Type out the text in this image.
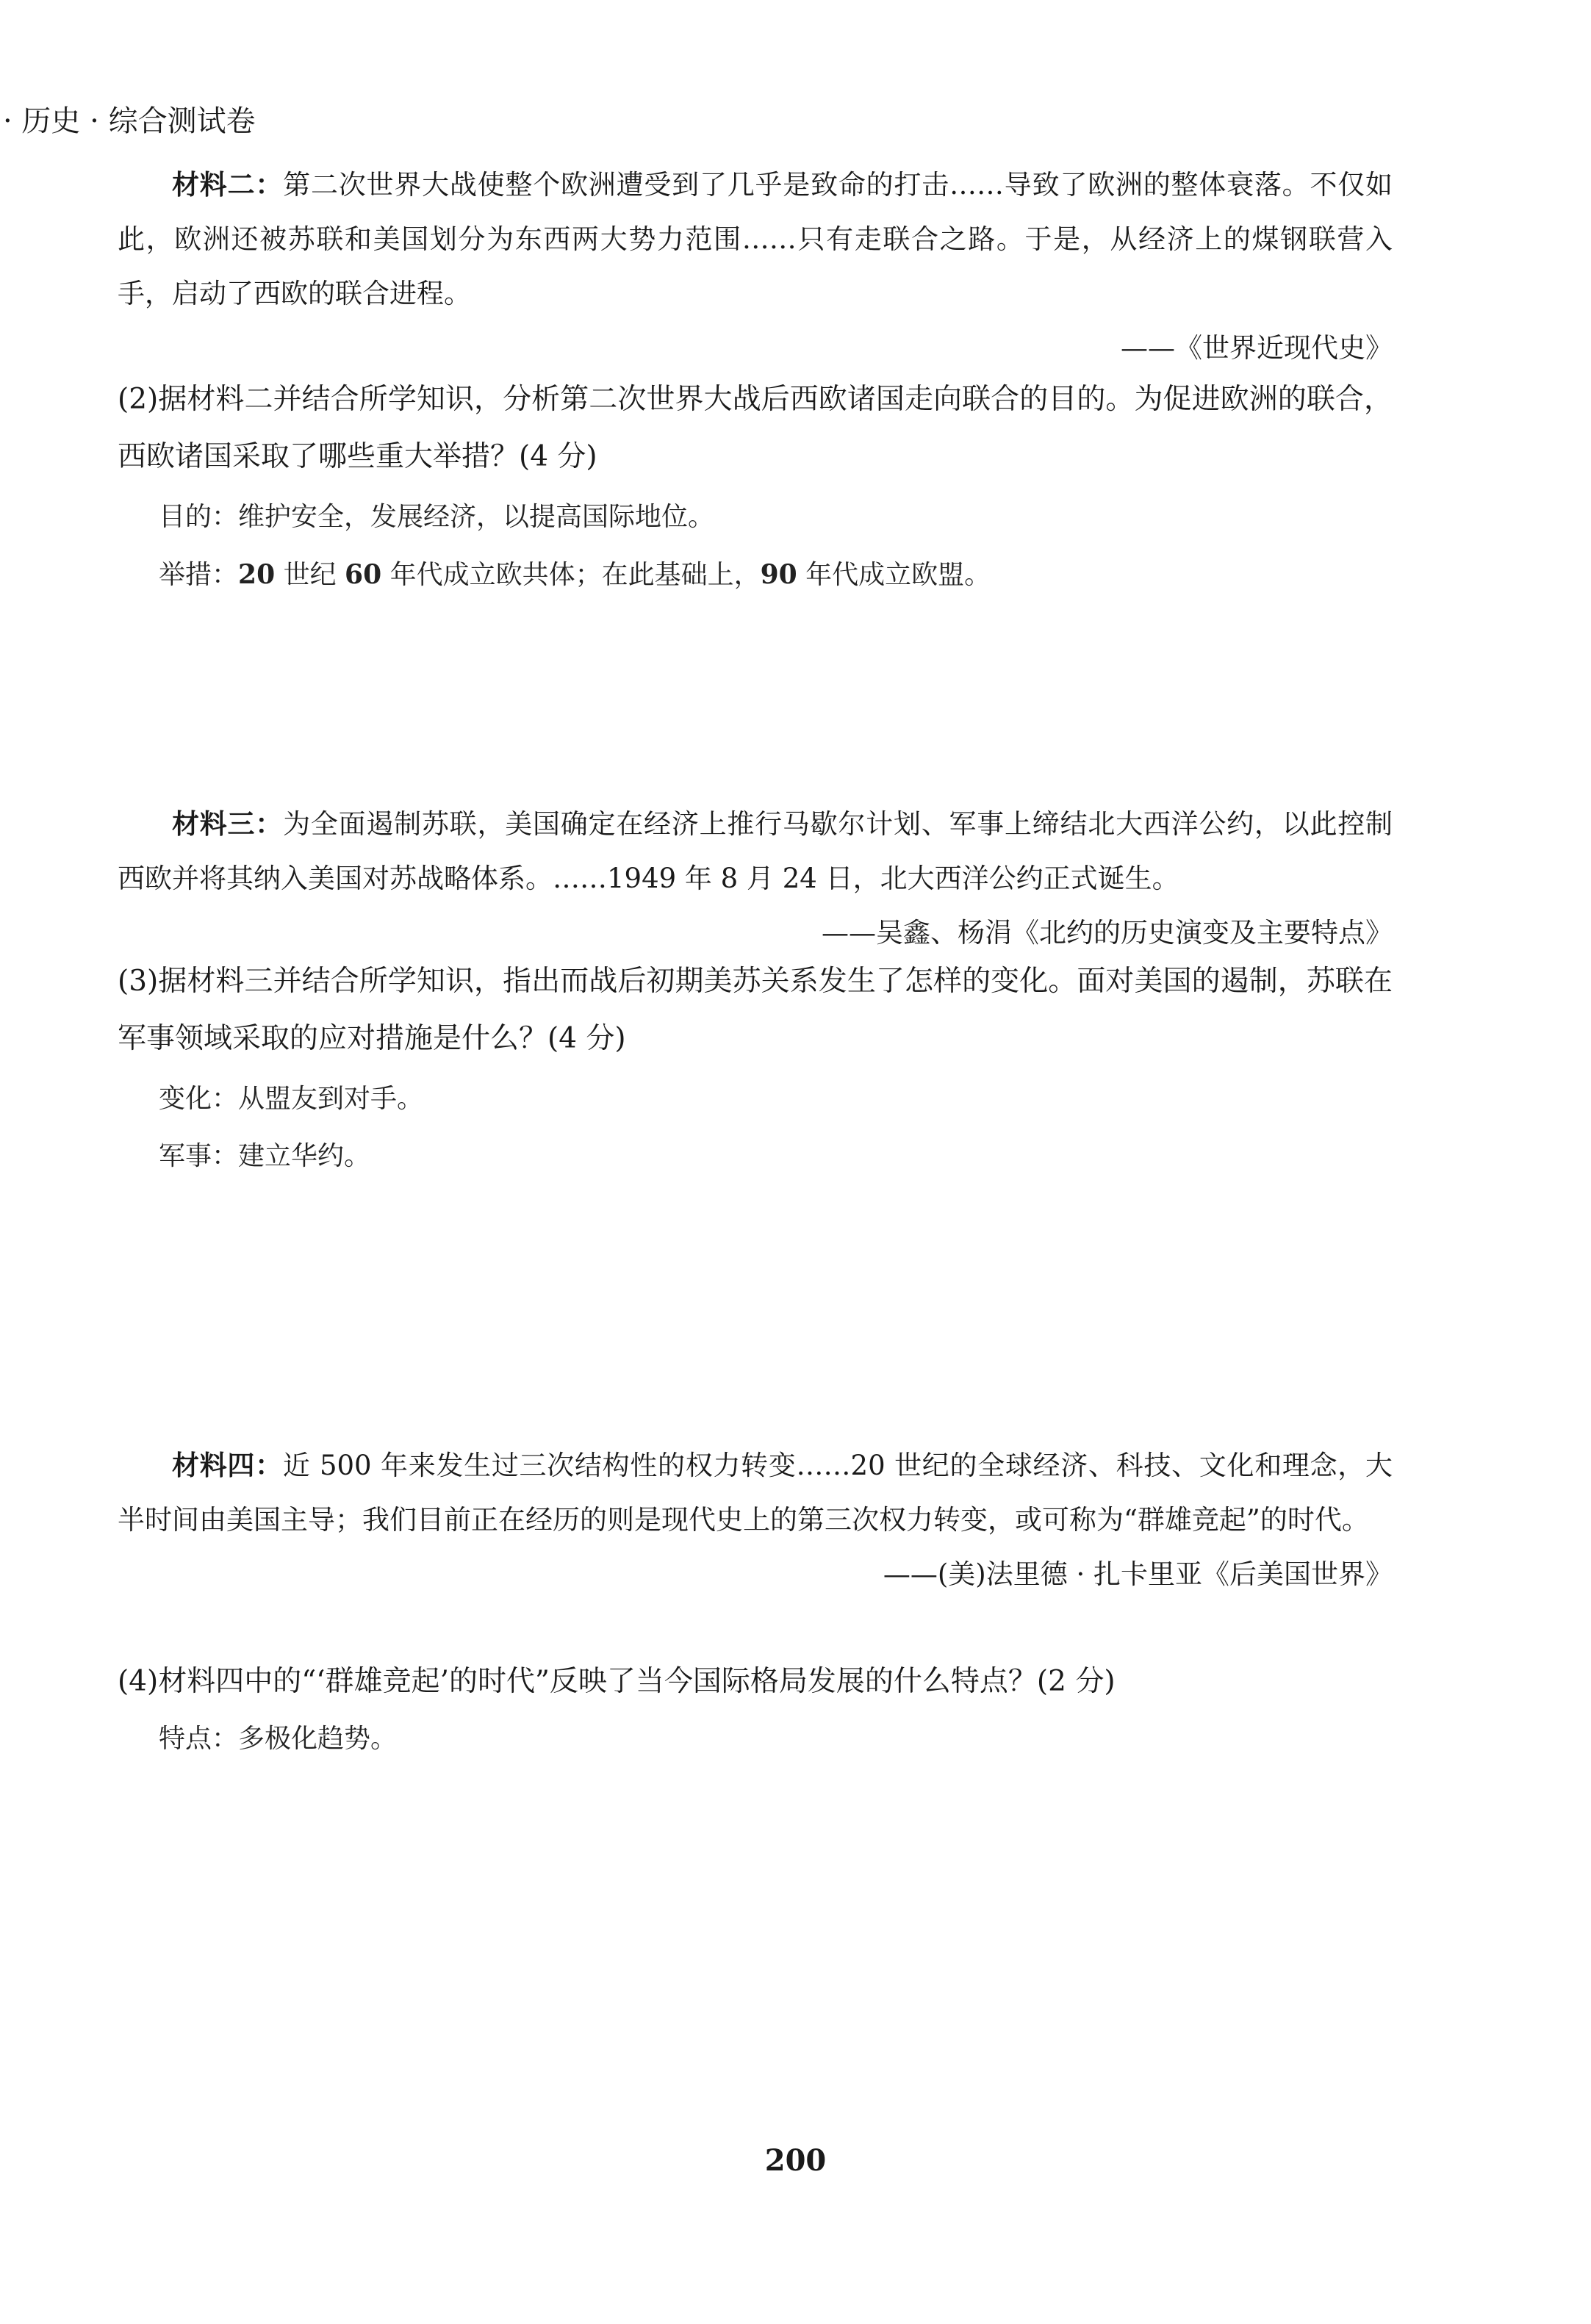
· 历史 · 综合测试卷

材料二：第二次世界大战使整个欧洲遭受到了几乎是致命的打击……导致了欧洲的整体衰落。不仅如此，欧洲还被苏联和美国划分为东西两大势力范围……只有走联合之路。于是，从经济上的煤钢联营入手，启动了西欧的联合进程。

——《世界近现代史》

(2)据材料二并结合所学知识，分析第二次世界大战后西欧诸国走向联合的目的。为促进欧洲的联合，西欧诸国采取了哪些重大举措？(4 分)

目的：维护安全，发展经济，以提高国际地位。

举措：20 世纪 60 年代成立欧共体；在此基础上，90 年代成立欧盟。

材料三：为全面遏制苏联，美国确定在经济上推行马歇尔计划、军事上缔结北大西洋公约，以此控制西欧并将其纳入美国对苏战略体系。……1949 年 8 月 24 日，北大西洋公约正式诞生。

——吴鑫、杨涓《北约的历史演变及主要特点》

(3)据材料三并结合所学知识，指出而战后初期美苏关系发生了怎样的变化。面对美国的遏制，苏联在军事领域采取的应对措施是什么？(4 分)

变化：从盟友到对手。

军事：建立华约。

材料四：近 500 年来发生过三次结构性的权力转变……20 世纪的全球经济、科技、文化和理念，大半时间由美国主导；我们目前正在经历的则是现代史上的第三次权力转变，或可称为“群雄竞起”的时代。

——(美)法里德 · 扎卡里亚《后美国世界》

(4)材料四中的“‘群雄竞起’的时代”反映了当今国际格局发展的什么特点？(2 分)

特点：多极化趋势。

200
